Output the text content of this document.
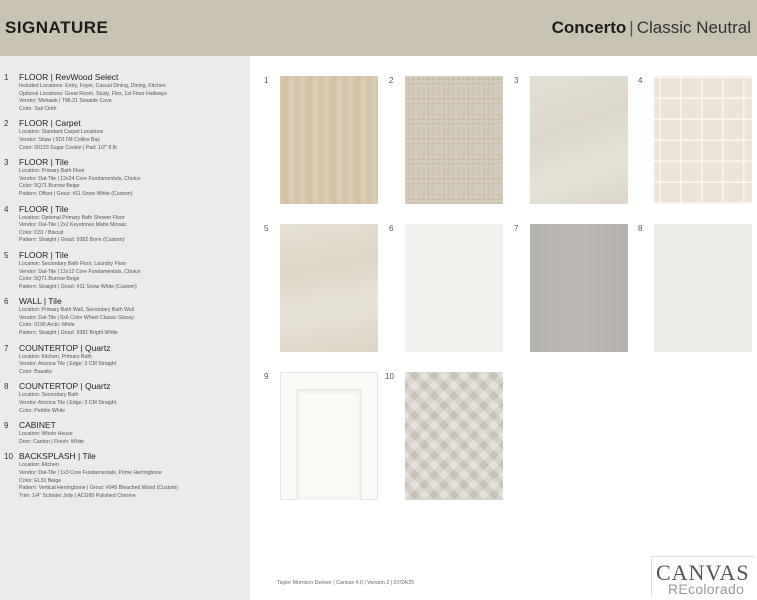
SIGNATURE	Concerto | Classic Neutral
1	FLOOR | RevWood Select
Included Locations: Entry, Foyer, Casual Dining, Dining, Kitchen
Optional Locations: Great Room, Study, Flex, 1st Floor Hallways
Vendor: Mohawk | TML21 Seaside Cove
Color: Sail Cloth
2	FLOOR | Carpet
Location: Standard Carpet Locations
Vendor: Shaw | 5D1TM Collins Bay
Color: 00133 Sugar Cookie | Pad: 1/2" 8 lb
3	FLOOR | Tile
Location: Primary Bath Floor
Vendor: Dal-Tile | 12x24 Core Fundamentals, Choice
Color: 5Q71 Burrow Beige
Pattern: Offset | Grout: #11 Snow White (Custom)
4	FLOOR | Tile
Location: Optional Primary Bath Shower Floor
Vendor: Dal-Tile | 2x2 Keystones Matte Mosaic
Color: D31 / Biscuit
Pattern: Straight | Grout: 9382 Bone (Custom)
5	FLOOR | Tile
Location: Secondary Bath Floor, Laundry Floor
Vendor: Dal-Tile | 12x12 Core Fundamentals, Choice
Color: 5Q71 Burrow Beige
Pattern: Straight | Grout: #11 Snow White (Custom)
6	WALL | Tile
Location: Primary Bath Wall, Secondary Bath Wall
Vendor: Dal-Tile | 6x6 Color Wheel Classic Glossy
Color: 0190 Arctic White
Pattern: Straight | Grout: 9381 Bright White
7	COUNTERTOP | Quartz
Location: Kitchen, Primary Bath
Vendor: Arizona Tile | Edge: 3 CM Straight
Color: Basalto
8	COUNTERTOP | Quartz
Location: Secondary Bath
Vendor: Arizona Tile | Edge: 3 CM Straight
Color: Pebble White
9	CABINET
Location: Whole House
Door: Canton | Finish: White
10 BACKSPLASH | Tile
Location: Kitchen
Vendor: Dal-Tile | 1x3 Core Fundamentals, Prime Herringbone
Color: EL31 Beige
Pattern: Vertical Herringbone | Grout: #045 Bleached Wood (Custom)
Trim: 1/4" Schluter Jolly | ACG80 Polished Chrome
1	2	3	4
5	6	7	8
9	10
Taylor Morrison Denver | Canvas 4.0 | Version 2 | 07/24/25	CANVAS
REcolorado
